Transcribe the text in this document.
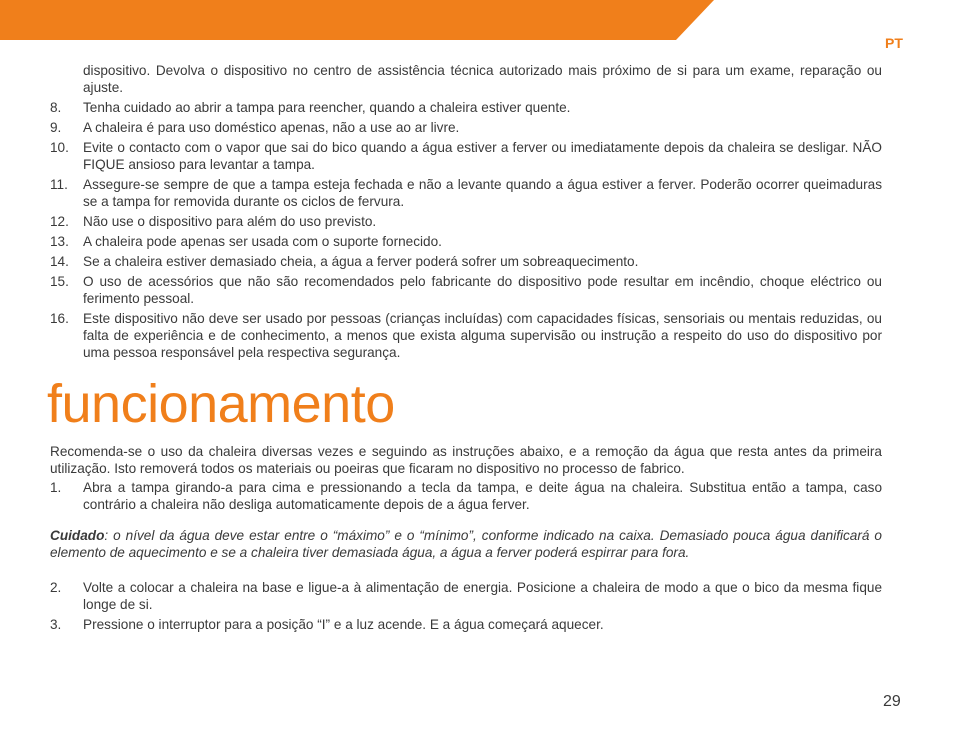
PT
dispositivo. Devolva o dispositivo no centro de assistência técnica autorizado mais próximo de si para um exame, reparação ou ajuste.
8. Tenha cuidado ao abrir a tampa para reencher, quando a chaleira estiver quente.
9. A chaleira é para uso doméstico apenas, não a use ao ar livre.
10. Evite o contacto com o vapor que sai do bico quando a água estiver a ferver ou imediatamente depois da chaleira se desligar. NÃO FIQUE ansioso para levantar a tampa.
11. Assegure-se sempre de que a tampa esteja fechada e não a levante quando a água estiver a ferver. Poderão ocorrer queimaduras se a tampa for removida durante os ciclos de fervura.
12. Não use o dispositivo para além do uso previsto.
13. A chaleira pode apenas ser usada com o suporte fornecido.
14. Se a chaleira estiver demasiado cheia, a água a ferver poderá sofrer um sobreaquecimento.
15. O uso de acessórios que não são recomendados pelo fabricante do dispositivo pode resultar em incêndio, choque eléctrico ou ferimento pessoal.
16. Este dispositivo não deve ser usado por pessoas (crianças incluídas) com capacidades físicas, sensoriais ou mentais reduzidas, ou falta de experiência e de conhecimento, a menos que exista alguma supervisão ou instrução a respeito do uso do dispositivo por uma pessoa responsável pela respectiva segurança.
funcionamento
Recomenda-se o uso da chaleira diversas vezes e seguindo as instruções abaixo, e a remoção da água que resta antes da primeira utilização. Isto removerá todos os materiais ou poeiras que ficaram no dispositivo no processo de fabrico.
1. Abra a tampa girando-a para cima e pressionando a tecla da tampa, e deite água na chaleira. Substitua então a tampa, caso contrário a chaleira não desliga automaticamente depois de a água ferver.
Cuidado: o nível da água deve estar entre o “máximo” e o “mínimo”, conforme indicado na caixa. Demasiado pouca água danificará o elemento de aquecimento e se a chaleira tiver demasiada água, a água a ferver poderá espirrar para fora.
2. Volte a colocar a chaleira na base e ligue-a à alimentação de energia. Posicione a chaleira de modo a que o bico da mesma fique longe de si.
3. Pressione o interruptor para a posição “I” e a luz acende. E a água começará aquecer.
29
